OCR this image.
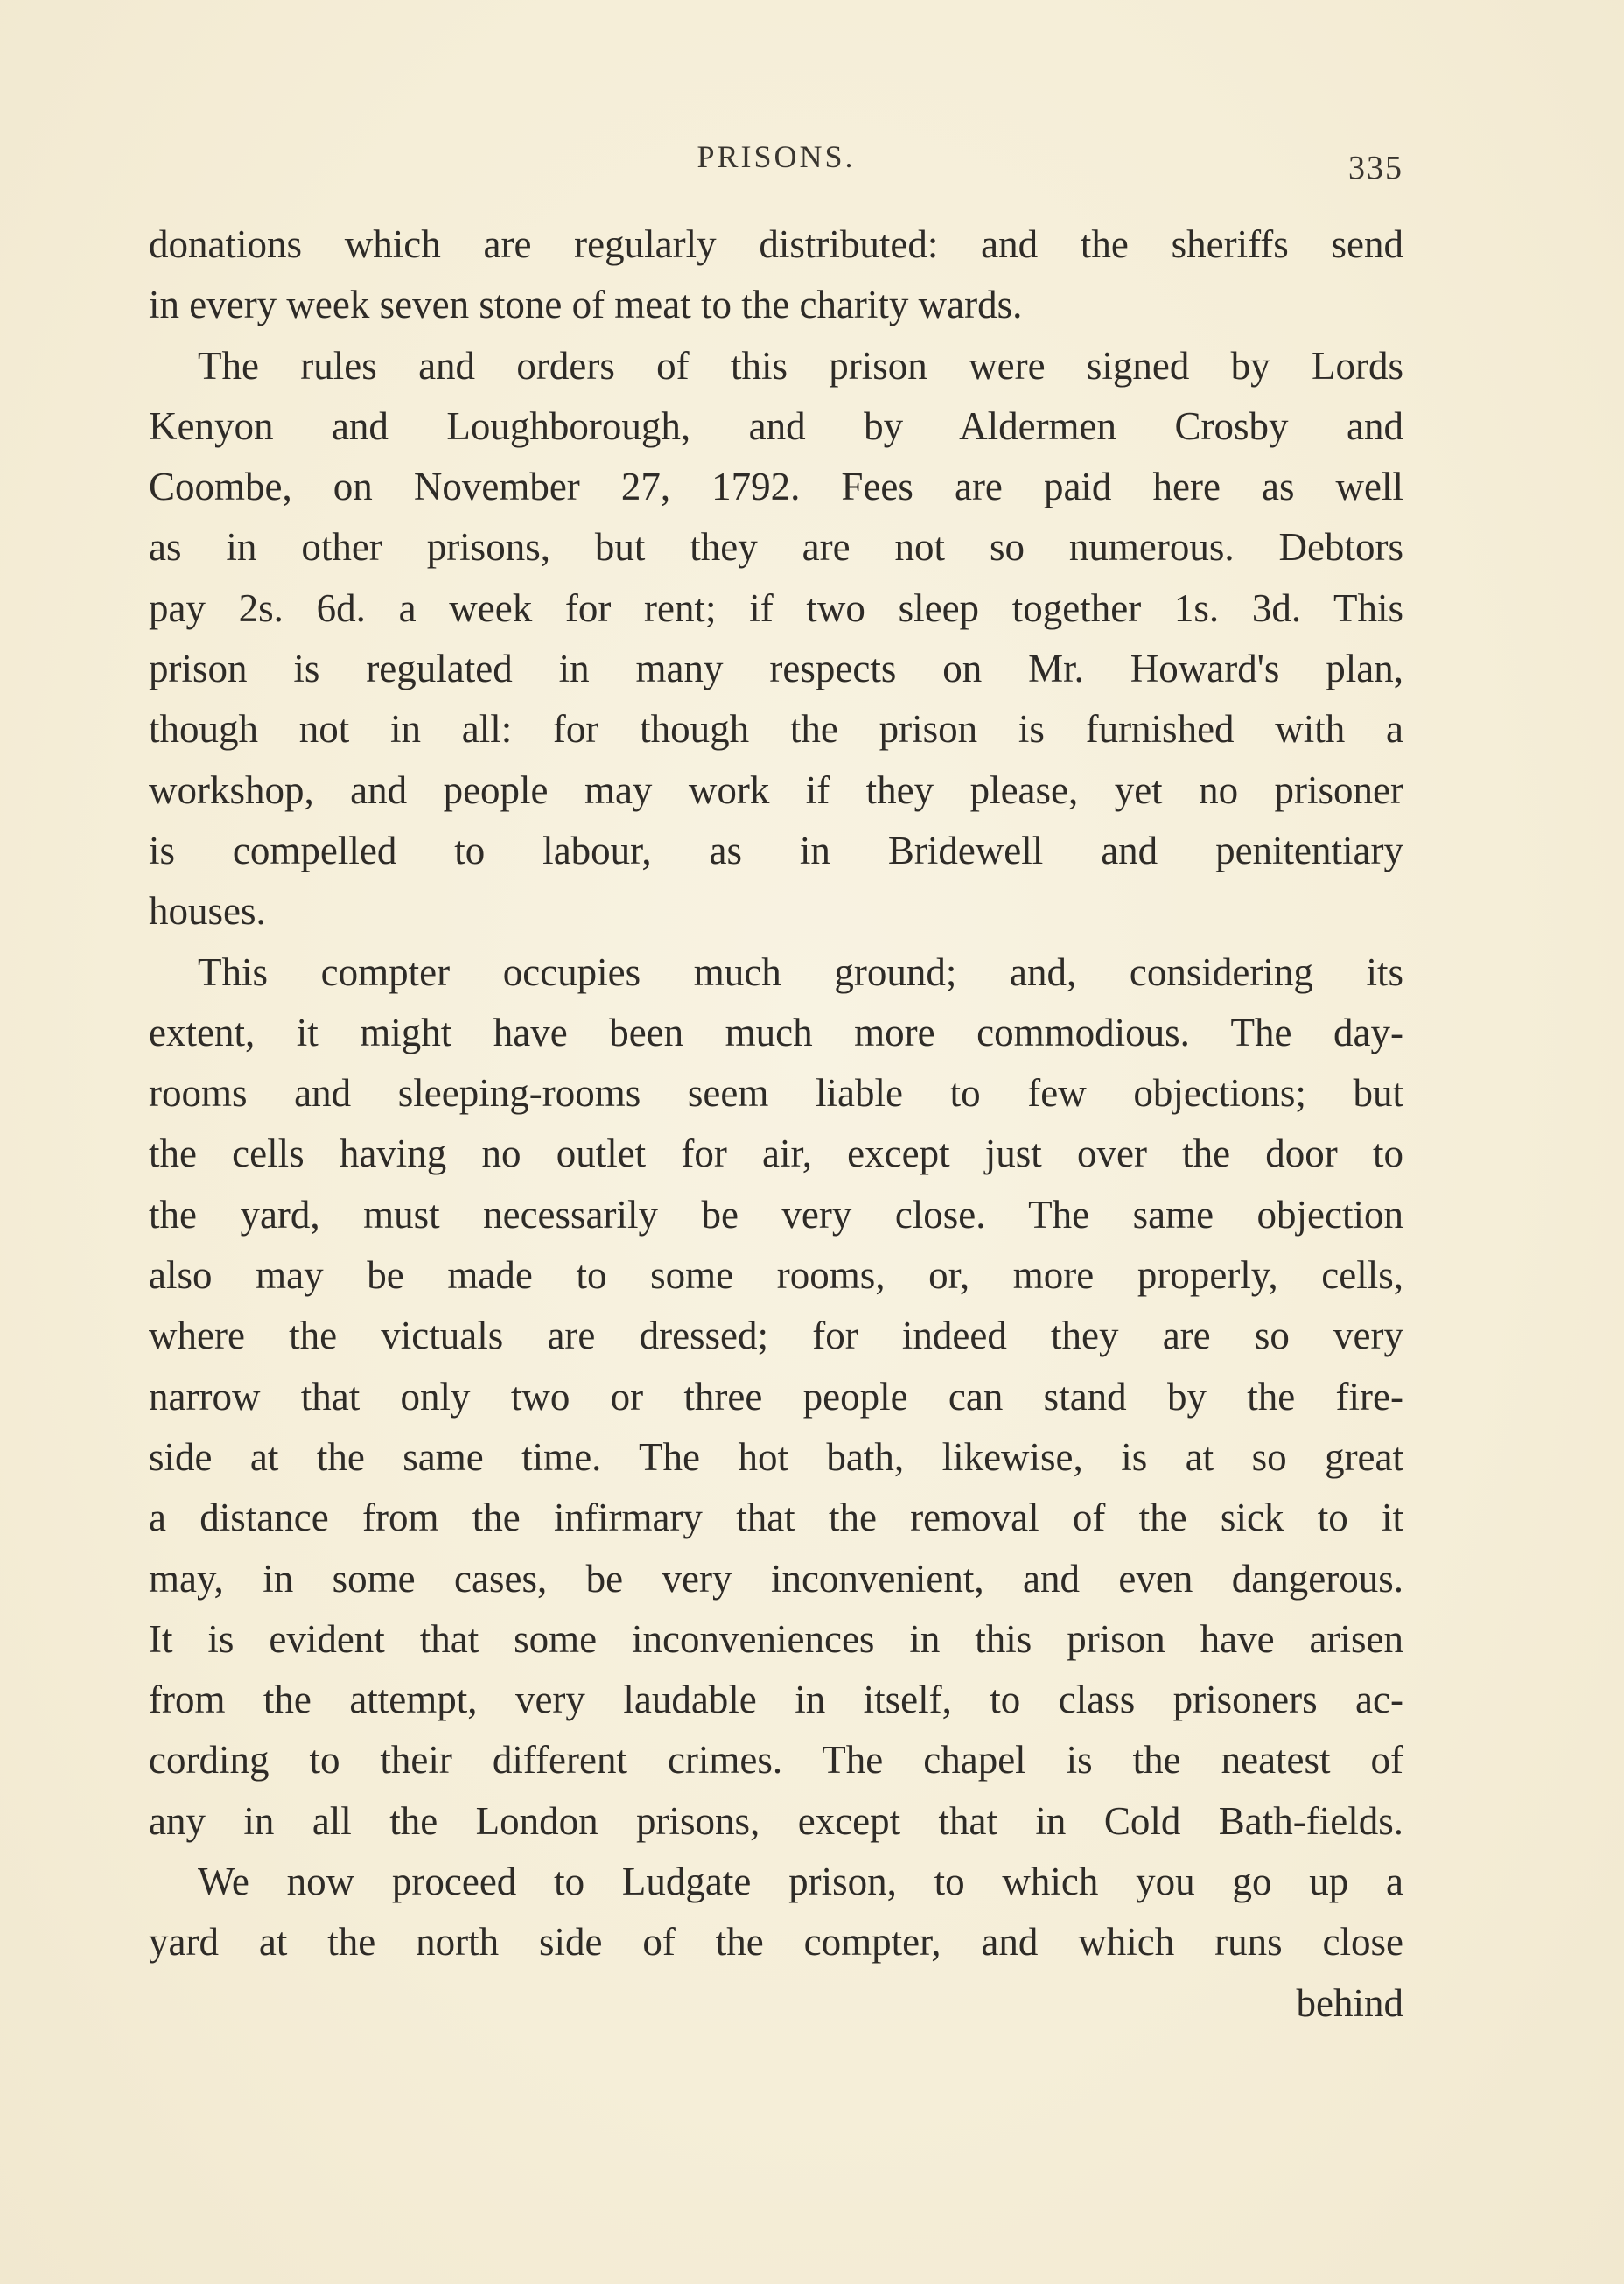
PRISONS.	335
donations which are regularly distributed: and the sheriffs send
in every week seven stone of meat to the charity wards.
The rules and orders of this prison were signed by Lords
Kenyon and Loughborough, and by Aldermen Crosby and
Coombe, on November 27, 1792. Fees are paid here as well
as in other prisons, but they are not so numerous. Debtors
pay 2s. 6d. a week for rent; if two sleep together 1s. 3d. This
prison is regulated in many respects on Mr. Howard's plan,
though not in all: for though the prison is furnished with a
workshop, and people may work if they please, yet no prisoner
is compelled to labour, as in Bridewell and penitentiary
houses.
This compter occupies much ground; and, considering its
extent, it might have been much more commodious. The day-
rooms and sleeping-rooms seem liable to few objections; but
the cells having no outlet for air, except just over the door to
the yard, must necessarily be very close. The same objection
also may be made to some rooms, or, more properly, cells,
where the victuals are dressed; for indeed they are so very
narrow that only two or three people can stand by the fire-
side at the same time. The hot bath, likewise, is at so great
a distance from the infirmary that the removal of the sick to it
may, in some cases, be very inconvenient, and even dangerous.
It is evident that some inconveniences in this prison have arisen
from the attempt, very laudable in itself, to class prisoners ac-
cording to their different crimes. The chapel is the neatest of
any in all the London prisons, except that in Cold Bath-fields.
We now proceed to Ludgate prison, to which you go up a
yard at the north side of the compter, and which runs close
behind
